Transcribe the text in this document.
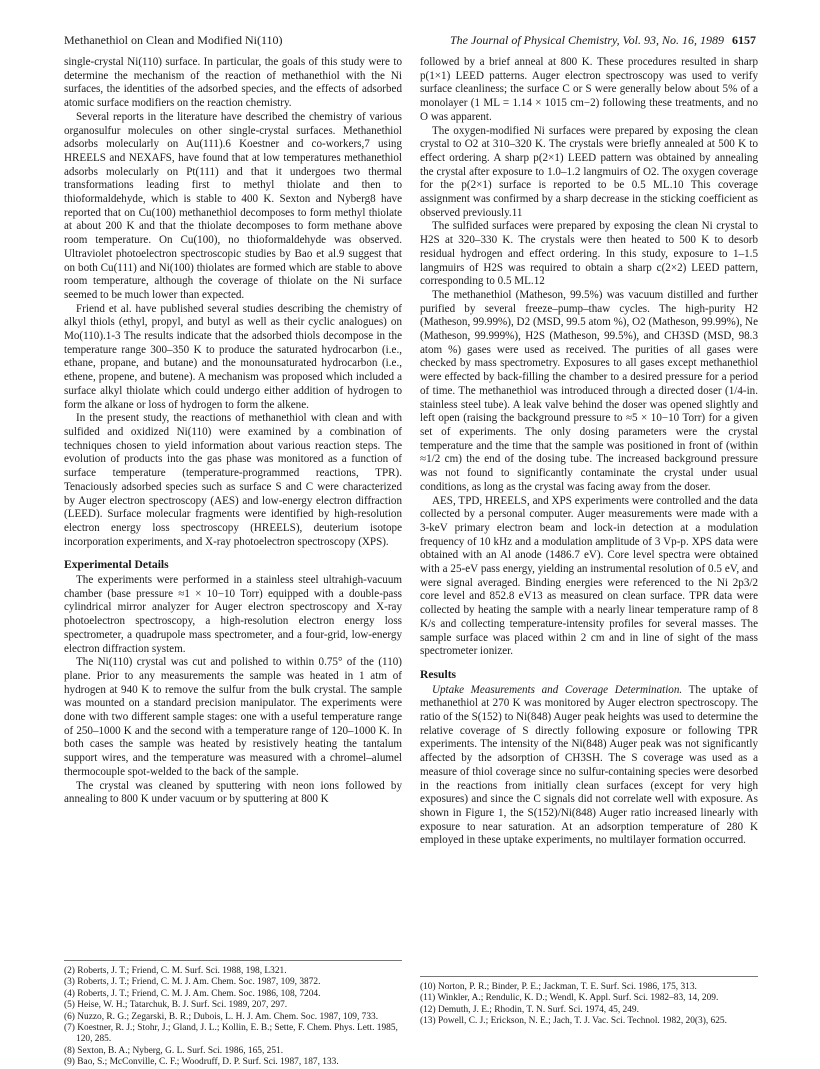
Methanethiol on Clean and Modified Ni(110)	The Journal of Physical Chemistry, Vol. 93, No. 16, 1989 6157

single-crystal Ni(110) surface. In particular, the goals of this study were to determine the mechanism of the reaction of methanethiol with the Ni surfaces, the identities of the adsorbed species, and the effects of adsorbed atomic surface modifiers on the reaction chemistry.

Several reports in the literature have described the chemistry of various organosulfur molecules on other single-crystal surfaces. Methanethiol adsorbs molecularly on Au(111).6 Koestner and co-workers,7 using HREELS and NEXAFS, have found that at low temperatures methanethiol adsorbs molecularly on Pt(111) and that it undergoes two thermal transformations leading first to methyl thiolate and then to thioformaldehyde, which is stable to 400 K. Sexton and Nyberg8 have reported that on Cu(100) methanethiol decomposes to form methyl thiolate at about 200 K and that the thiolate decomposes to form methane above room temperature. On Cu(100), no thioformaldehyde was observed. Ultraviolet photoelectron spectroscopic studies by Bao et al.9 suggest that on both Cu(111) and Ni(100) thiolates are formed which are stable to above room temperature, although the coverage of thiolate on the Ni surface seemed to be much lower than expected.

Friend et al. have published several studies describing the chemistry of alkyl thiols (ethyl, propyl, and butyl as well as their cyclic analogues) on Mo(110).1-3 The results indicate that the adsorbed thiols decompose in the temperature range 300–350 K to produce the saturated hydrocarbon (i.e., ethane, propane, and butane) and the monounsaturated hydrocarbon (i.e., ethene, propene, and butene). A mechanism was proposed which included a surface alkyl thiolate which could undergo either addition of hydrogen to form the alkane or loss of hydrogen to form the alkene.

In the present study, the reactions of methanethiol with clean and with sulfided and oxidized Ni(110) were examined by a combination of techniques chosen to yield information about various reaction steps. The evolution of products into the gas phase was monitored as a function of surface temperature (temperature-programmed reactions, TPR). Tenaciously adsorbed species such as surface S and C were characterized by Auger electron spectroscopy (AES) and low-energy electron diffraction (LEED). Surface molecular fragments were identified by high-resolution electron energy loss spectroscopy (HREELS), deuterium isotope incorporation experiments, and X-ray photoelectron spectroscopy (XPS).

Experimental Details

The experiments were performed in a stainless steel ultrahigh-vacuum chamber (base pressure ≈1 × 10−10 Torr) equipped with a double-pass cylindrical mirror analyzer for Auger electron spectroscopy and X-ray photoelectron spectroscopy, a high-resolution electron energy loss spectrometer, a quadrupole mass spectrometer, and a four-grid, low-energy electron diffraction system.

The Ni(110) crystal was cut and polished to within 0.75° of the (110) plane. Prior to any measurements the sample was heated in 1 atm of hydrogen at 940 K to remove the sulfur from the bulk crystal. The sample was mounted on a standard precision manipulator. The experiments were done with two different sample stages: one with a useful temperature range of 250–1000 K and the second with a temperature range of 120–1000 K. In both cases the sample was heated by resistively heating the tantalum support wires, and the temperature was measured with a chromel–alumel thermocouple spot-welded to the back of the sample.

The crystal was cleaned by sputtering with neon ions followed by annealing to 800 K under vacuum or by sputtering at 800 K

followed by a brief anneal at 800 K. These procedures resulted in sharp p(1×1) LEED patterns. Auger electron spectroscopy was used to verify surface cleanliness; the surface C or S were generally below about 5% of a monolayer (1 ML = 1.14 × 1015 cm−2) following these treatments, and no O was apparent.

The oxygen-modified Ni surfaces were prepared by exposing the clean crystal to O2 at 310–320 K. The crystals were briefly annealed at 500 K to effect ordering. A sharp p(2×1) LEED pattern was obtained by annealing the crystal after exposure to 1.0–1.2 langmuirs of O2. The oxygen coverage for the p(2×1) surface is reported to be 0.5 ML.10 This coverage assignment was confirmed by a sharp decrease in the sticking coefficient as observed previously.11

The sulfided surfaces were prepared by exposing the clean Ni crystal to H2S at 320–330 K. The crystals were then heated to 500 K to desorb residual hydrogen and effect ordering. In this study, exposure to 1–1.5 langmuirs of H2S was required to obtain a sharp c(2×2) LEED pattern, corresponding to 0.5 ML.12

The methanethiol (Matheson, 99.5%) was vacuum distilled and further purified by several freeze–pump–thaw cycles. The high-purity H2 (Matheson, 99.99%), D2 (MSD, 99.5 atom %), O2 (Matheson, 99.99%), Ne (Matheson, 99.999%), H2S (Matheson, 99.5%), and CH3SD (MSD, 98.3 atom %) gases were used as received. The purities of all gases were checked by mass spectrometry. Exposures to all gases except methanethiol were effected by back-filling the chamber to a desired pressure for a period of time. The methanethiol was introduced through a directed doser (1/4-in. stainless steel tube). A leak valve behind the doser was opened slightly and left open (raising the background pressure to ≈5 × 10−10 Torr) for a given set of experiments. The only dosing parameters were the crystal temperature and the time that the sample was positioned in front of (within ≈1/2 cm) the end of the dosing tube. The increased background pressure was not found to significantly contaminate the crystal under usual conditions, as long as the crystal was facing away from the doser.

AES, TPD, HREELS, and XPS experiments were controlled and the data collected by a personal computer. Auger measurements were made with a 3-keV primary electron beam and lock-in detection at a modulation frequency of 10 kHz and a modulation amplitude of 3 Vp-p. XPS data were obtained with an Al anode (1486.7 eV). Core level spectra were obtained with a 25-eV pass energy, yielding an instrumental resolution of 0.5 eV, and were signal averaged. Binding energies were referenced to the Ni 2p3/2 core level and 852.8 eV13 as measured on clean surface. TPR data were collected by heating the sample with a nearly linear temperature ramp of 8 K/s and collecting temperature-intensity profiles for several masses. The sample surface was placed within 2 cm and in line of sight of the mass spectrometer ionizer.

Results

Uptake Measurements and Coverage Determination. The uptake of methanethiol at 270 K was monitored by Auger electron spectroscopy. The ratio of the S(152) to Ni(848) Auger peak heights was used to determine the relative coverage of S directly following exposure or following TPR experiments. The intensity of the Ni(848) Auger peak was not significantly affected by the adsorption of CH3SH. The S coverage was used as a measure of thiol coverage since no sulfur-containing species were desorbed in the reactions from initially clean surfaces (except for very high exposures) and since the C signals did not correlate well with exposure. As shown in Figure 1, the S(152)/Ni(848) Auger ratio increased linearly with exposure to near saturation. At an adsorption temperature of 280 K employed in these uptake experiments, no multilayer formation occurred.

(2) Roberts, J. T.; Friend, C. M. Surf. Sci. 1988, 198, L321.

(3) Roberts, J. T.; Friend, C. M. J. Am. Chem. Soc. 1987, 109, 3872.

(4) Roberts, J. T.; Friend, C. M. J. Am. Chem. Soc. 1986, 108, 7204.

(5) Heise, W. H.; Tatarchuk, B. J. Surf. Sci. 1989, 207, 297.

(6) Nuzzo, R. G.; Zegarski, B. R.; Dubois, L. H. J. Am. Chem. Soc. 1987, 109, 733.

(7) Koestner, R. J.; Stohr, J.; Gland, J. L.; Kollin, E. B.; Sette, F. Chem. Phys. Lett. 1985, 120, 285.

(8) Sexton, B. A.; Nyberg, G. L. Surf. Sci. 1986, 165, 251.

(9) Bao, S.; McConville, C. F.; Woodruff, D. P. Surf. Sci. 1987, 187, 133.

(10) Norton, P. R.; Binder, P. E.; Jackman, T. E. Surf. Sci. 1986, 175, 313.

(11) Winkler, A.; Rendulic, K. D.; Wendl, K. Appl. Surf. Sci. 1982–83, 14, 209.

(12) Demuth, J. E.; Rhodin, T. N. Surf. Sci. 1974, 45, 249.

(13) Powell, C. J.; Erickson, N. E.; Jach, T. J. Vac. Sci. Technol. 1982, 20(3), 625.
